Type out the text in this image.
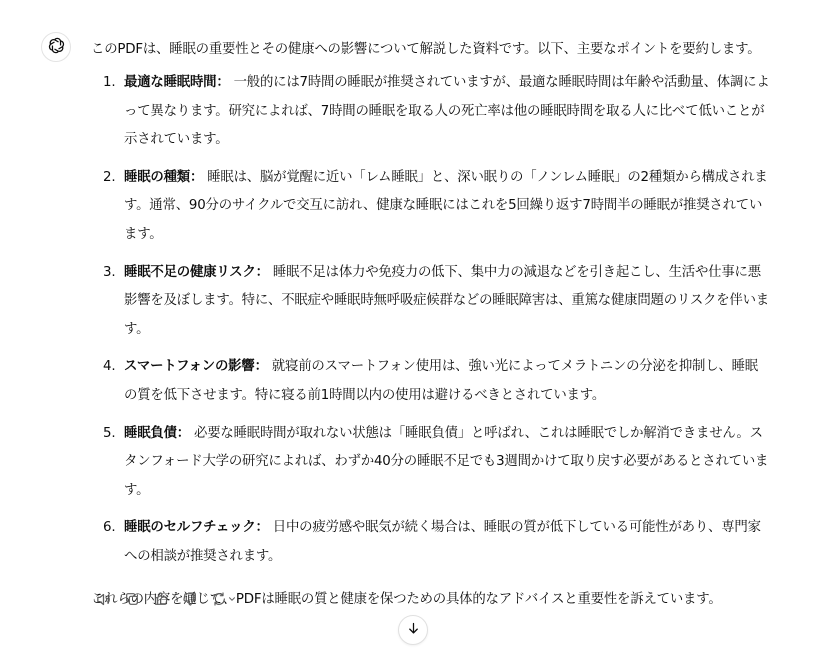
このPDFは、睡眠の重要性とその健康への影響について解説した資料です。以下、主要なポイントを要約します。

1. 最適な睡眠時間： 一般的には7時間の睡眠が推奨されていますが、最適な睡眠時間は年齢や活動量、体調によって異なります。研究によれば、7時間の睡眠を取る人の死亡率は他の睡眠時間を取る人に比べて低いことが示されています。
2. 睡眠の種類： 睡眠は、脳が覚醒に近い「レム睡眠」と、深い眠りの「ノンレム睡眠」の2種類から構成されます。通常、90分のサイクルで交互に訪れ、健康な睡眠にはこれを5回繰り返す7時間半の睡眠が推奨されています。
3. 睡眠不足の健康リスク： 睡眠不足は体力や免疫力の低下、集中力の減退などを引き起こし、生活や仕事に悪影響を及ぼします。特に、不眠症や睡眠時無呼吸症候群などの睡眠障害は、重篤な健康問題のリスクを伴います。
4. スマートフォンの影響： 就寝前のスマートフォン使用は、強い光によってメラトニンの分泌を抑制し、睡眠の質を低下させます。特に寝る前1時間以内の使用は避けるべきとされています。
5. 睡眠負債： 必要な睡眠時間が取れない状態は「睡眠負債」と呼ばれ、これは睡眠でしか解消できません。スタンフォード大学の研究によれば、わずか40分の睡眠不足でも3週間かけて取り戻す必要があるとされています。
6. 睡眠のセルフチェック： 日中の疲労感や眠気が続く場合は、睡眠の質が低下している可能性があり、専門家への相談が推奨されます。

これらの内容を通じて、PDFは睡眠の質と健康を保つための具体的なアドバイスと重要性を訴えています。
